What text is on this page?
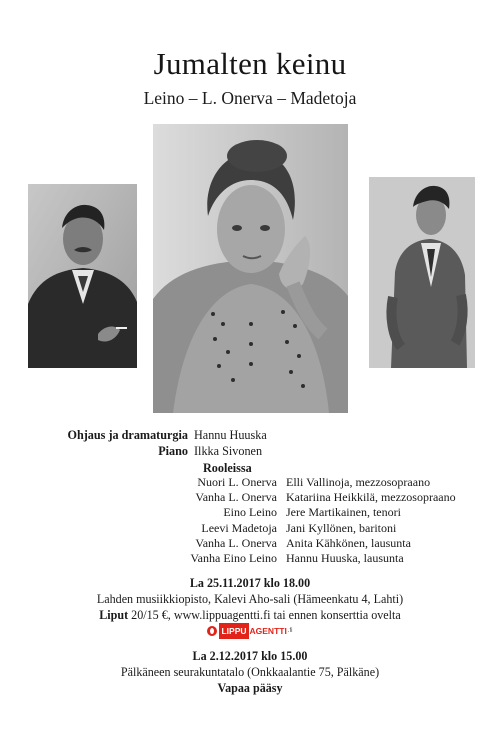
Jumalten keinu
Leino – L. Onerva – Madetoja
Ohjaus ja dramaturgia Hannu Huuska
Piano Ilkka Sivonen
Rooleissa
Nuori L. Onerva Elli Vallinoja, mezzosopraano
Vanha L. Onerva Katariina Heikkilä, mezzosopraano
Eino Leino Jere Martikainen, tenori
Leevi Madetoja Jani Kyllönen, baritoni
Vanha L. Onerva Anita Kähkönen, lausunta
Vanha Eino Leino Hannu Huuska, lausunta
La 25.11.2017 klo 18.00
Lahden musiikkiopisto, Kalevi Aho-sali (Hämeenkatu 4, Lahti)
Liput 20/15 €, www.lippuagentti.fi tai ennen konserttia ovelta
LIPPU AGENTTI .fi
La 2.12.2017 klo 15.00
Pälkäneen seurakuntatalo (Onkkaalantie 75, Pälkäne)
Vapaa pääsy
